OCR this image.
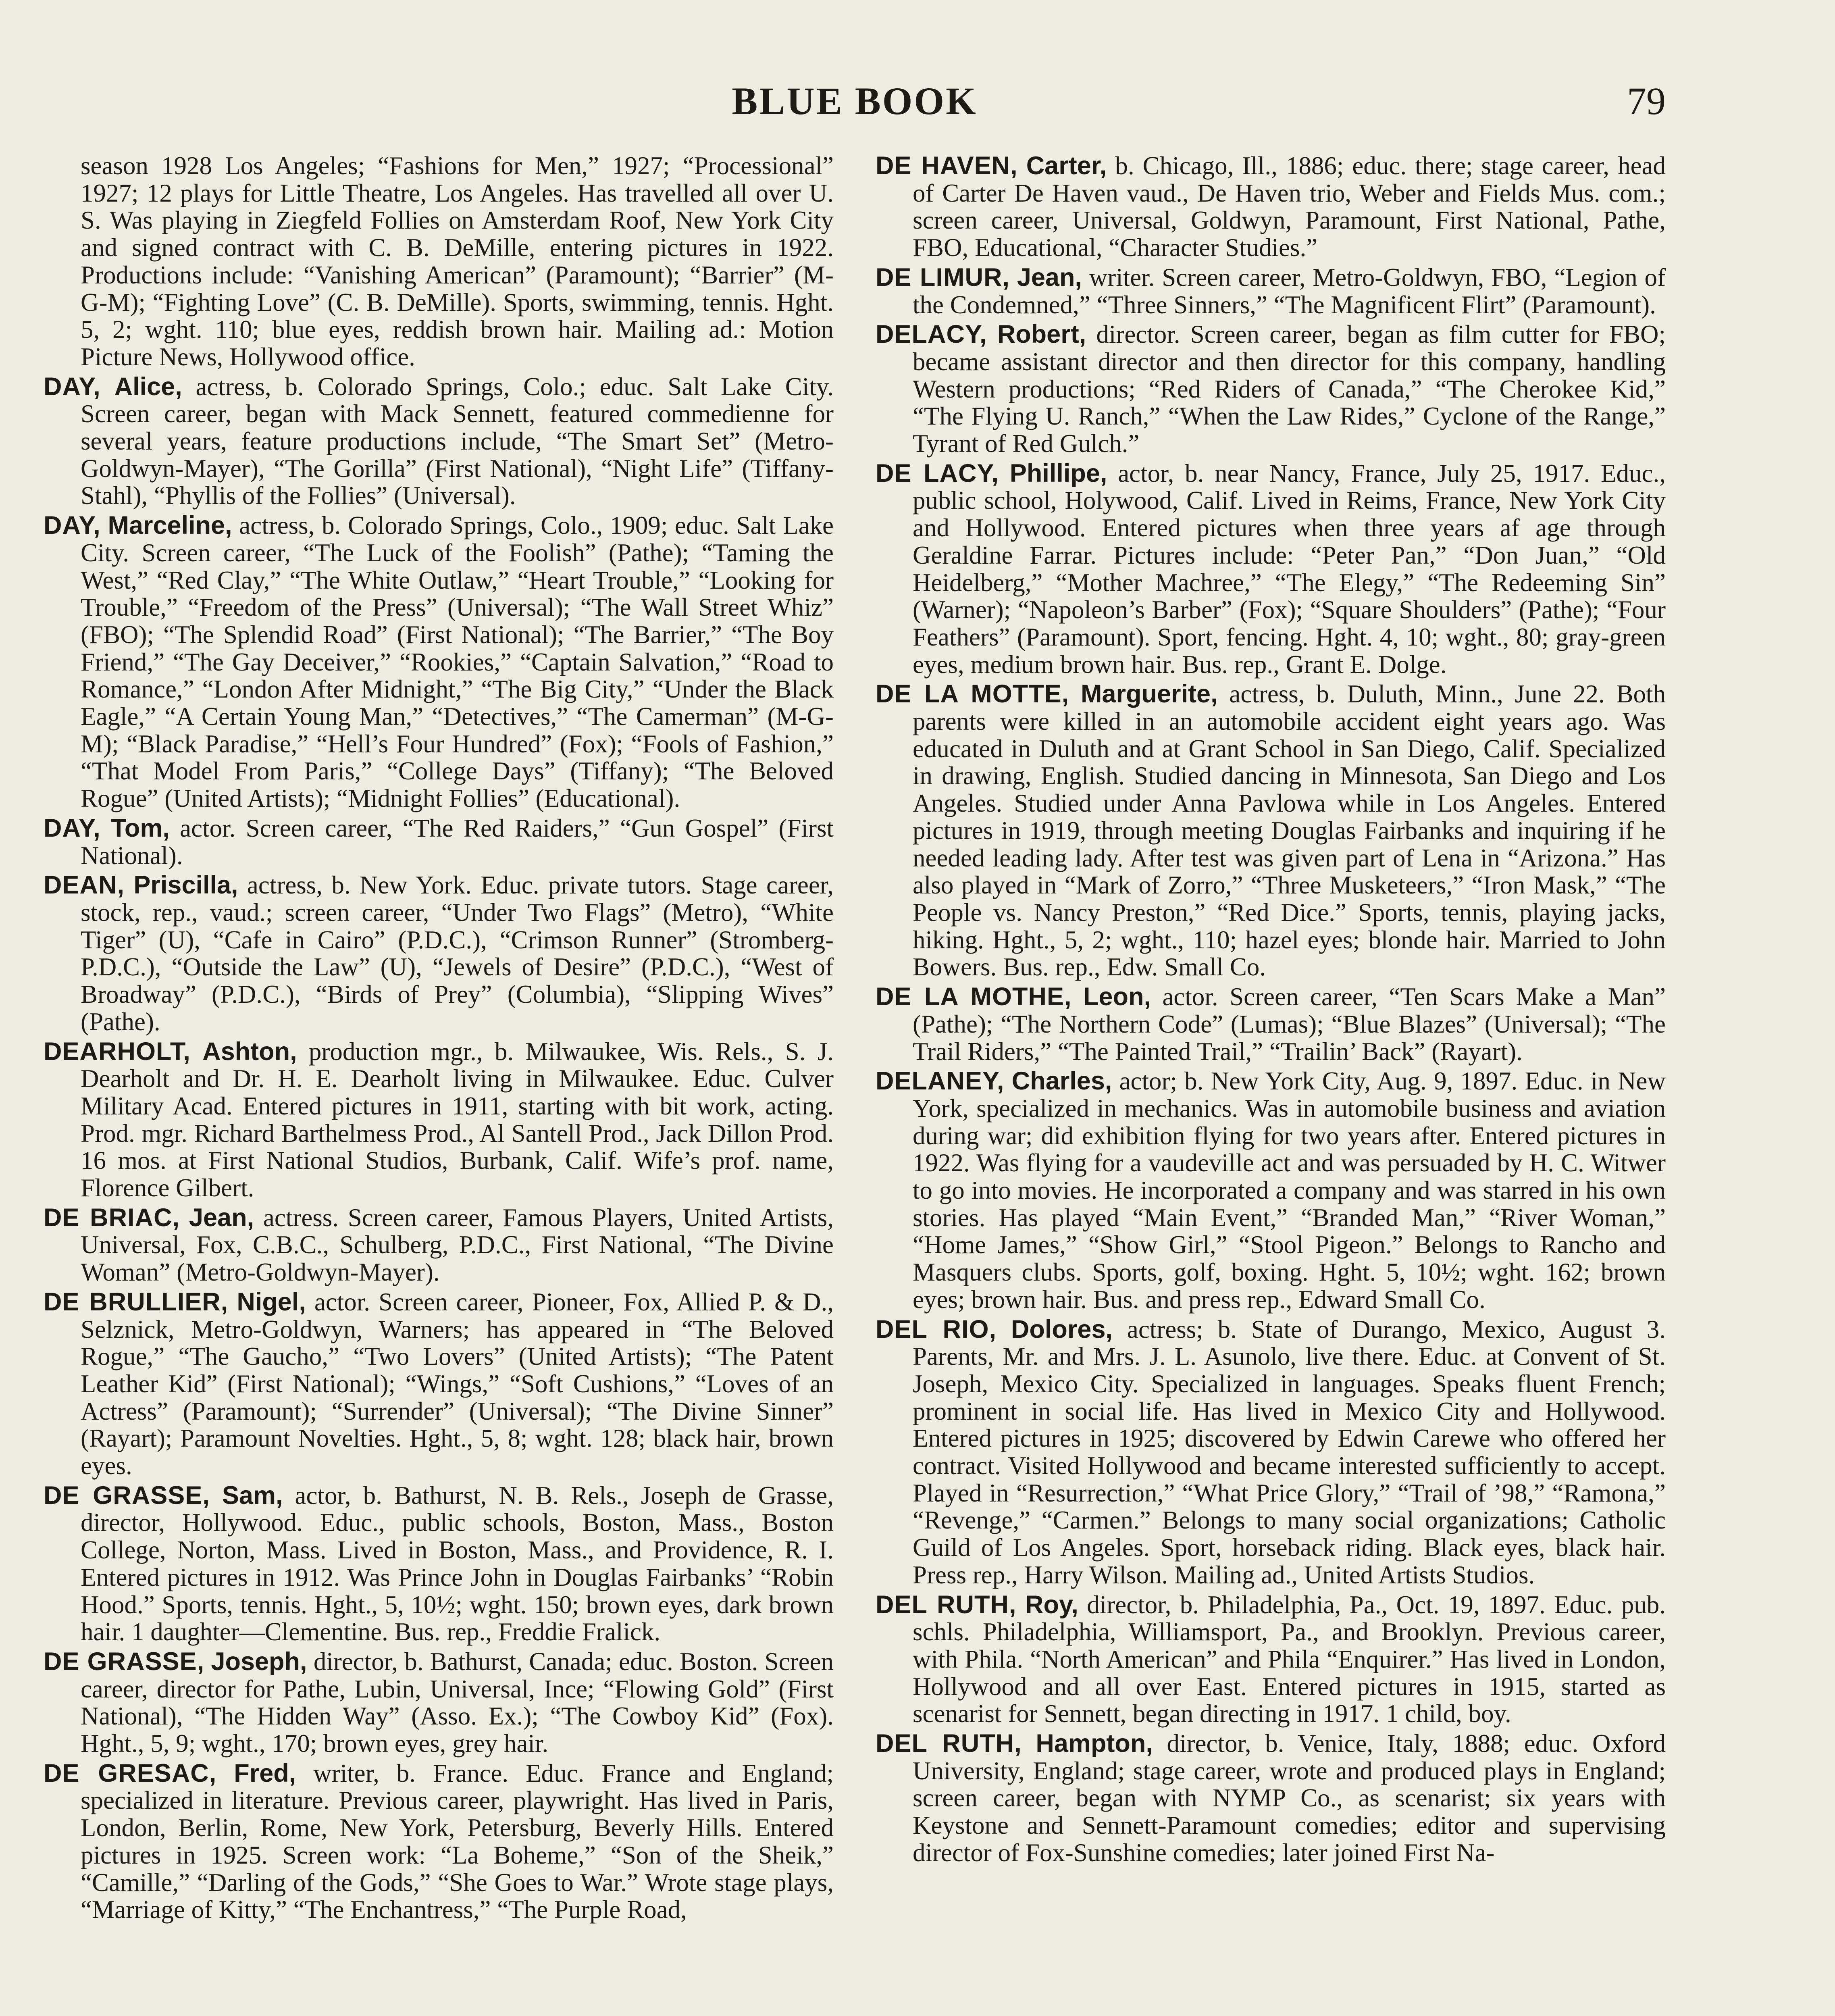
BLUE BOOK	79

season 1928 Los Angeles; “Fashions for Men,” 1927; “Processional” 1927; 12 plays for Little Theatre, Los Angeles. Has travelled all over U. S. Was playing in Ziegfeld Follies on Amsterdam Roof, New York City and signed contract with C. B. DeMille, entering pictures in 1922. Productions include: “Vanishing American” (Paramount); “Barrier” (M-G-M); “Fighting Love” (C. B. DeMille). Sports, swimming, tennis. Hght. 5, 2; wght. 110; blue eyes, reddish brown hair. Mailing ad.: Motion Picture News, Hollywood office.

DAY, Alice, actress, b. Colorado Springs, Colo.; educ. Salt Lake City. Screen career, began with Mack Sennett, featured commedienne for several years, feature productions include, “The Smart Set” (Metro-Goldwyn-Mayer), “The Gorilla” (First National), “Night Life” (Tiffany-Stahl), “Phyllis of the Follies” (Universal).

DAY, Marceline, actress, b. Colorado Springs, Colo., 1909; educ. Salt Lake City. Screen career, “The Luck of the Foolish” (Pathe); “Taming the West,” “Red Clay,” “The White Outlaw,” “Heart Trouble,” “Looking for Trouble,” “Freedom of the Press” (Universal); “The Wall Street Whiz” (FBO); “The Splendid Road” (First National); “The Barrier,” “The Boy Friend,” “The Gay Deceiver,” “Rookies,” “Captain Salvation,” “Road to Romance,” “London After Midnight,” “The Big City,” “Under the Black Eagle,” “A Certain Young Man,” “Detectives,” “The Camerman” (M-G-M); “Black Paradise,” “Hell’s Four Hundred” (Fox); “Fools of Fashion,” “That Model From Paris,” “College Days” (Tiffany); “The Beloved Rogue” (United Artists); “Midnight Follies” (Educational).

DAY, Tom, actor. Screen career, “The Red Raiders,” “Gun Gospel” (First National).

DEAN, Priscilla, actress, b. New York. Educ. private tutors. Stage career, stock, rep., vaud.; screen career, “Under Two Flags” (Metro), “White Tiger” (U), “Cafe in Cairo” (P.D.C.), “Crimson Runner” (Stromberg-P.D.C.), “Outside the Law” (U), “Jewels of Desire” (P.D.C.), “West of Broadway” (P.D.C.), “Birds of Prey” (Columbia), “Slipping Wives” (Pathe).

DEARHOLT, Ashton, production mgr., b. Milwaukee, Wis. Rels., S. J. Dearholt and Dr. H. E. Dearholt living in Milwaukee. Educ. Culver Military Acad. Entered pictures in 1911, starting with bit work, acting. Prod. mgr. Richard Barthelmess Prod., Al Santell Prod., Jack Dillon Prod. 16 mos. at First National Studios, Burbank, Calif. Wife’s prof. name, Florence Gilbert.

DE BRIAC, Jean, actress. Screen career, Famous Players, United Artists, Universal, Fox, C.B.C., Schulberg, P.D.C., First National, “The Divine Woman” (Metro-Goldwyn-Mayer).

DE BRULLIER, Nigel, actor. Screen career, Pioneer, Fox, Allied P. & D., Selznick, Metro-Goldwyn, Warners; has appeared in “The Beloved Rogue,” “The Gaucho,” “Two Lovers” (United Artists); “The Patent Leather Kid” (First National); “Wings,” “Soft Cushions,” “Loves of an Actress” (Paramount); “Surrender” (Universal); “The Divine Sinner” (Rayart); Paramount Novelties. Hght., 5, 8; wght. 128; black hair, brown eyes.

DE GRASSE, Sam, actor, b. Bathurst, N. B. Rels., Joseph de Grasse, director, Hollywood. Educ., public schools, Boston, Mass., Boston College, Norton, Mass. Lived in Boston, Mass., and Providence, R. I. Entered pictures in 1912. Was Prince John in Douglas Fairbanks’ “Robin Hood.” Sports, tennis. Hght., 5, 10½; wght. 150; brown eyes, dark brown hair. 1 daughter—Clementine. Bus. rep., Freddie Fralick.

DE GRASSE, Joseph, director, b. Bathurst, Canada; educ. Boston. Screen career, director for Pathe, Lubin, Universal, Ince; “Flowing Gold” (First National), “The Hidden Way” (Asso. Ex.); “The Cowboy Kid” (Fox). Hght., 5, 9; wght., 170; brown eyes, grey hair.

DE GRESAC, Fred, writer, b. France. Educ. France and England; specialized in literature. Previous career, playwright. Has lived in Paris, London, Berlin, Rome, New York, Petersburg, Beverly Hills. Entered pictures in 1925. Screen work: “La Boheme,” “Son of the Sheik,” “Camille,” “Darling of the Gods,” “She Goes to War.” Wrote stage plays, “Marriage of Kitty,” “The Enchantress,” “The Purple Road,

DE HAVEN, Carter, b. Chicago, Ill., 1886; educ. there; stage career, head of Carter De Haven vaud., De Haven trio, Weber and Fields Mus. com.; screen career, Universal, Goldwyn, Paramount, First National, Pathe, FBO, Educational, “Character Studies.”

DE LIMUR, Jean, writer. Screen career, Metro-Goldwyn, FBO, “Legion of the Condemned,” “Three Sinners,” “The Magnificent Flirt” (Paramount).

DELACY, Robert, director. Screen career, began as film cutter for FBO; became assistant director and then director for this company, handling Western productions; “Red Riders of Canada,” “The Cherokee Kid,” “The Flying U. Ranch,” “When the Law Rides,” Cyclone of the Range,” Tyrant of Red Gulch.”

DE LACY, Phillipe, actor, b. near Nancy, France, July 25, 1917. Educ., public school, Holywood, Calif. Lived in Reims, France, New York City and Hollywood. Entered pictures when three years af age through Geraldine Farrar. Pictures include: “Peter Pan,” “Don Juan,” “Old Heidelberg,” “Mother Machree,” “The Elegy,” “The Redeeming Sin” (Warner); “Napoleon’s Barber” (Fox); “Square Shoulders” (Pathe); “Four Feathers” (Paramount). Sport, fencing. Hght. 4, 10; wght., 80; gray-green eyes, medium brown hair. Bus. rep., Grant E. Dolge.

DE LA MOTTE, Marguerite, actress, b. Duluth, Minn., June 22. Both parents were killed in an automobile accident eight years ago. Was educated in Duluth and at Grant School in San Diego, Calif. Specialized in drawing, English. Studied dancing in Minnesota, San Diego and Los Angeles. Studied under Anna Pavlowa while in Los Angeles. Entered pictures in 1919, through meeting Douglas Fairbanks and inquiring if he needed leading lady. After test was given part of Lena in “Arizona.” Has also played in “Mark of Zorro,” “Three Musketeers,” “Iron Mask,” “The People vs. Nancy Preston,” “Red Dice.” Sports, tennis, playing jacks, hiking. Hght., 5, 2; wght., 110; hazel eyes; blonde hair. Married to John Bowers. Bus. rep., Edw. Small Co.

DE LA MOTHE, Leon, actor. Screen career, “Ten Scars Make a Man” (Pathe); “The Northern Code” (Lumas); “Blue Blazes” (Universal); “The Trail Riders,” “The Painted Trail,” “Trailin’ Back” (Rayart).

DELANEY, Charles, actor; b. New York City, Aug. 9, 1897. Educ. in New York, specialized in mechanics. Was in automobile business and aviation during war; did exhibition flying for two years after. Entered pictures in 1922. Was flying for a vaudeville act and was persuaded by H. C. Witwer to go into movies. He incorporated a company and was starred in his own stories. Has played “Main Event,” “Branded Man,” “River Woman,” “Home James,” “Show Girl,” “Stool Pigeon.” Belongs to Rancho and Masquers clubs. Sports, golf, boxing. Hght. 5, 10½; wght. 162; brown eyes; brown hair. Bus. and press rep., Edward Small Co.

DEL RIO, Dolores, actress; b. State of Durango, Mexico, August 3. Parents, Mr. and Mrs. J. L. Asunolo, live there. Educ. at Convent of St. Joseph, Mexico City. Specialized in languages. Speaks fluent French; prominent in social life. Has lived in Mexico City and Hollywood. Entered pictures in 1925; discovered by Edwin Carewe who offered her contract. Visited Hollywood and became interested sufficiently to accept. Played in “Resurrection,” “What Price Glory,” “Trail of ’98,” “Ramona,” “Revenge,” “Carmen.” Belongs to many social organizations; Catholic Guild of Los Angeles. Sport, horseback riding. Black eyes, black hair. Press rep., Harry Wilson. Mailing ad., United Artists Studios.

DEL RUTH, Roy, director, b. Philadelphia, Pa., Oct. 19, 1897. Educ. pub. schls. Philadelphia, Williamsport, Pa., and Brooklyn. Previous career, with Phila. “North American” and Phila “Enquirer.” Has lived in London, Hollywood and all over East. Entered pictures in 1915, started as scenarist for Sennett, began directing in 1917. 1 child, boy.

DEL RUTH, Hampton, director, b. Venice, Italy, 1888; educ. Oxford University, England; stage career, wrote and produced plays in England; screen career, began with NYMP Co., as scenarist; six years with Keystone and Sennett-Paramount comedies; editor and supervising director of Fox-Sunshine comedies; later joined First Na-
